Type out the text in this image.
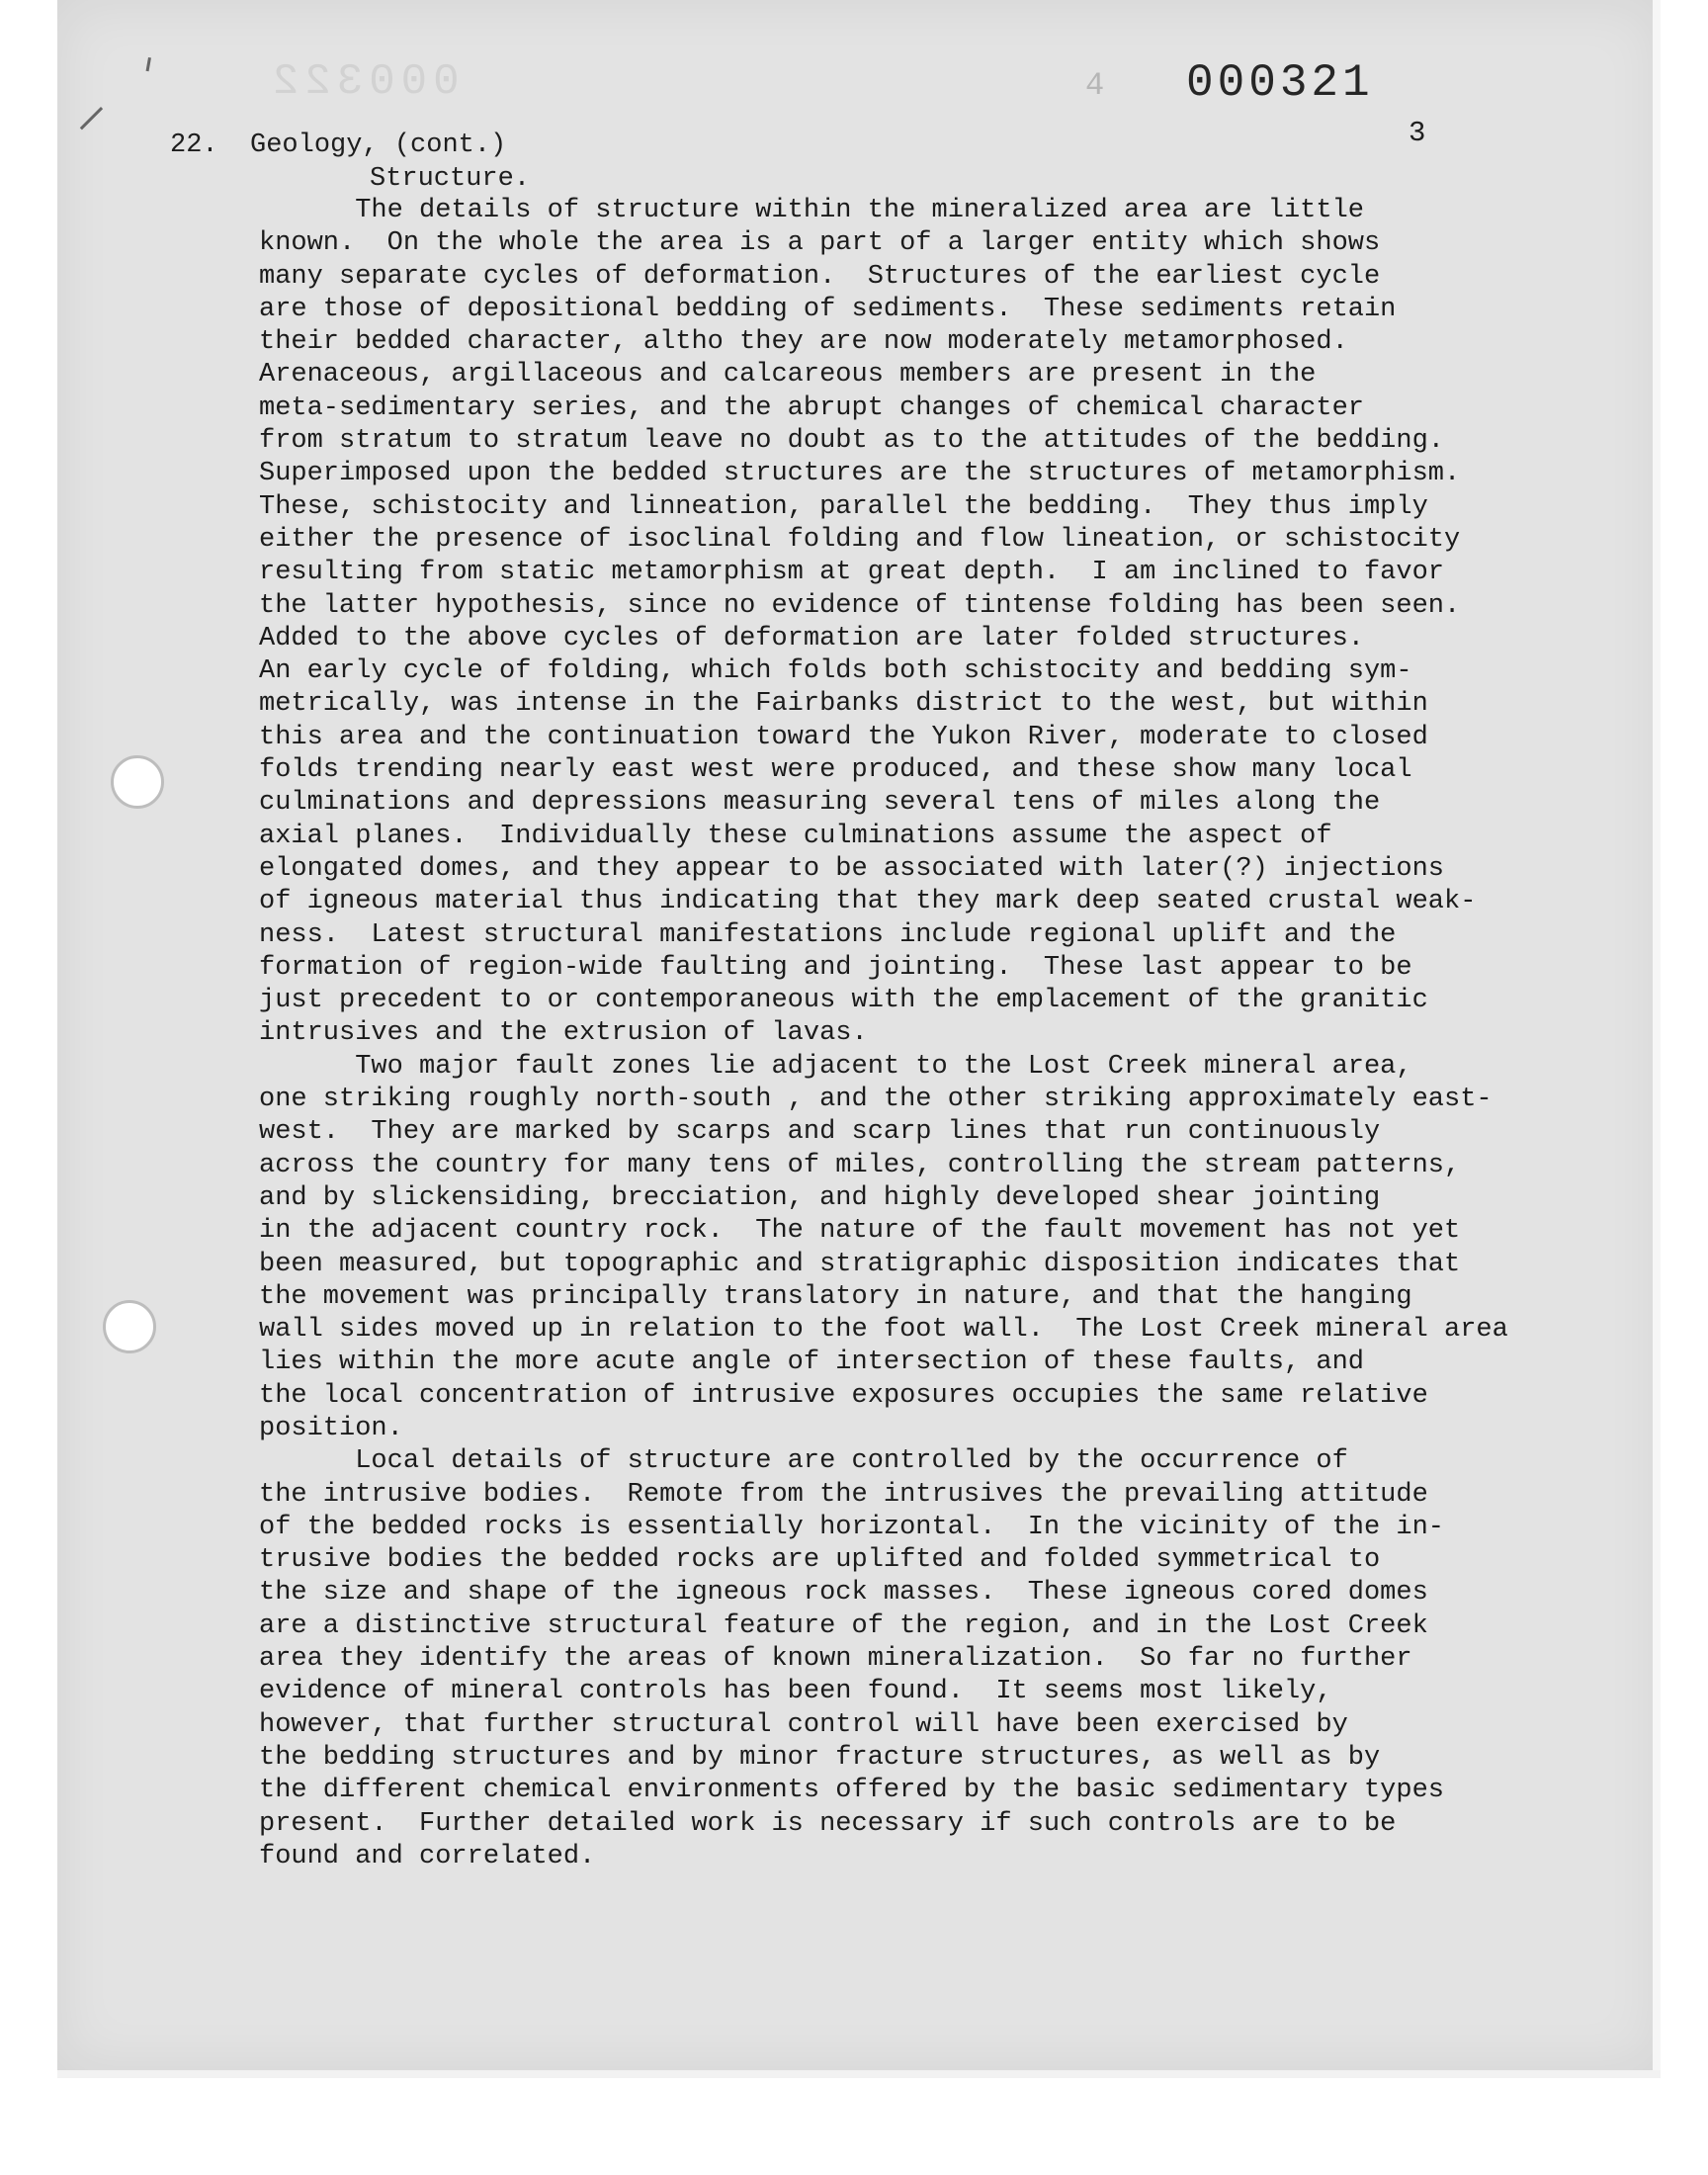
000322	4 000321
3
22. Geology, (cont.)
Structure.
The details of structure within the mineralized area are little
known.  On the whole the area is a part of a larger entity which shows
many separate cycles of deformation.  Structures of the earliest cycle
are those of depositional bedding of sediments.  These sediments retain
their bedded character, altho they are now moderately metamorphosed.
Arenaceous, argillaceous and calcareous members are present in the
meta-sedimentary series, and the abrupt changes of chemical character
from stratum to stratum leave no doubt as to the attitudes of the bedding.
Superimposed upon the bedded structures are the structures of metamorphism.
These, schistocity and linneation, parallel the bedding.  They thus imply
either the presence of isoclinal folding and flow lineation, or schistocity
resulting from static metamorphism at great depth.  I am inclined to favor
the latter hypothesis, since no evidence of tintense folding has been seen.
Added to the above cycles of deformation are later folded structures.
An early cycle of folding, which folds both schistocity and bedding sym-
metrically, was intense in the Fairbanks district to the west, but within
this area and the continuation toward the Yukon River, moderate to closed
folds trending nearly east west were produced, and these show many local
culminations and depressions measuring several tens of miles along the
axial planes.  Individually these culminations assume the aspect of
elongated domes, and they appear to be associated with later(?) injections
of igneous material thus indicating that they mark deep seated crustal weak-
ness.  Latest structural manifestations include regional uplift and the
formation of region-wide faulting and jointing.  These last appear to be
just precedent to or contemporaneous with the emplacement of the granitic
intrusives and the extrusion of lavas.
Two major fault zones lie adjacent to the Lost Creek mineral area,
one striking roughly north-south , and the other striking approximately east-
west.  They are marked by scarps and scarp lines that run continuously
across the country for many tens of miles, controlling the stream patterns,
and by slickensiding, brecciation, and highly developed shear jointing
in the adjacent country rock.  The nature of the fault movement has not yet
been measured, but topographic and stratigraphic disposition indicates that
the movement was principally translatory in nature, and that the hanging
wall sides moved up in relation to the foot wall.  The Lost Creek mineral area
lies within the more acute angle of intersection of these faults, and
the local concentration of intrusive exposures occupies the same relative
position.
Local details of structure are controlled by the occurrence of
the intrusive bodies.  Remote from the intrusives the prevailing attitude
of the bedded rocks is essentially horizontal.  In the vicinity of the in-
trusive bodies the bedded rocks are uplifted and folded symmetrical to
the size and shape of the igneous rock masses.  These igneous cored domes
are a distinctive structural feature of the region, and in the Lost Creek
area they identify the areas of known mineralization.  So far no further
evidence of mineral controls has been found.  It seems most likely,
however, that further structural control will have been exercised by
the bedding structures and by minor fracture structures, as well as by
the different chemical environments offered by the basic sedimentary types
present.  Further detailed work is necessary if such controls are to be
found and correlated.
